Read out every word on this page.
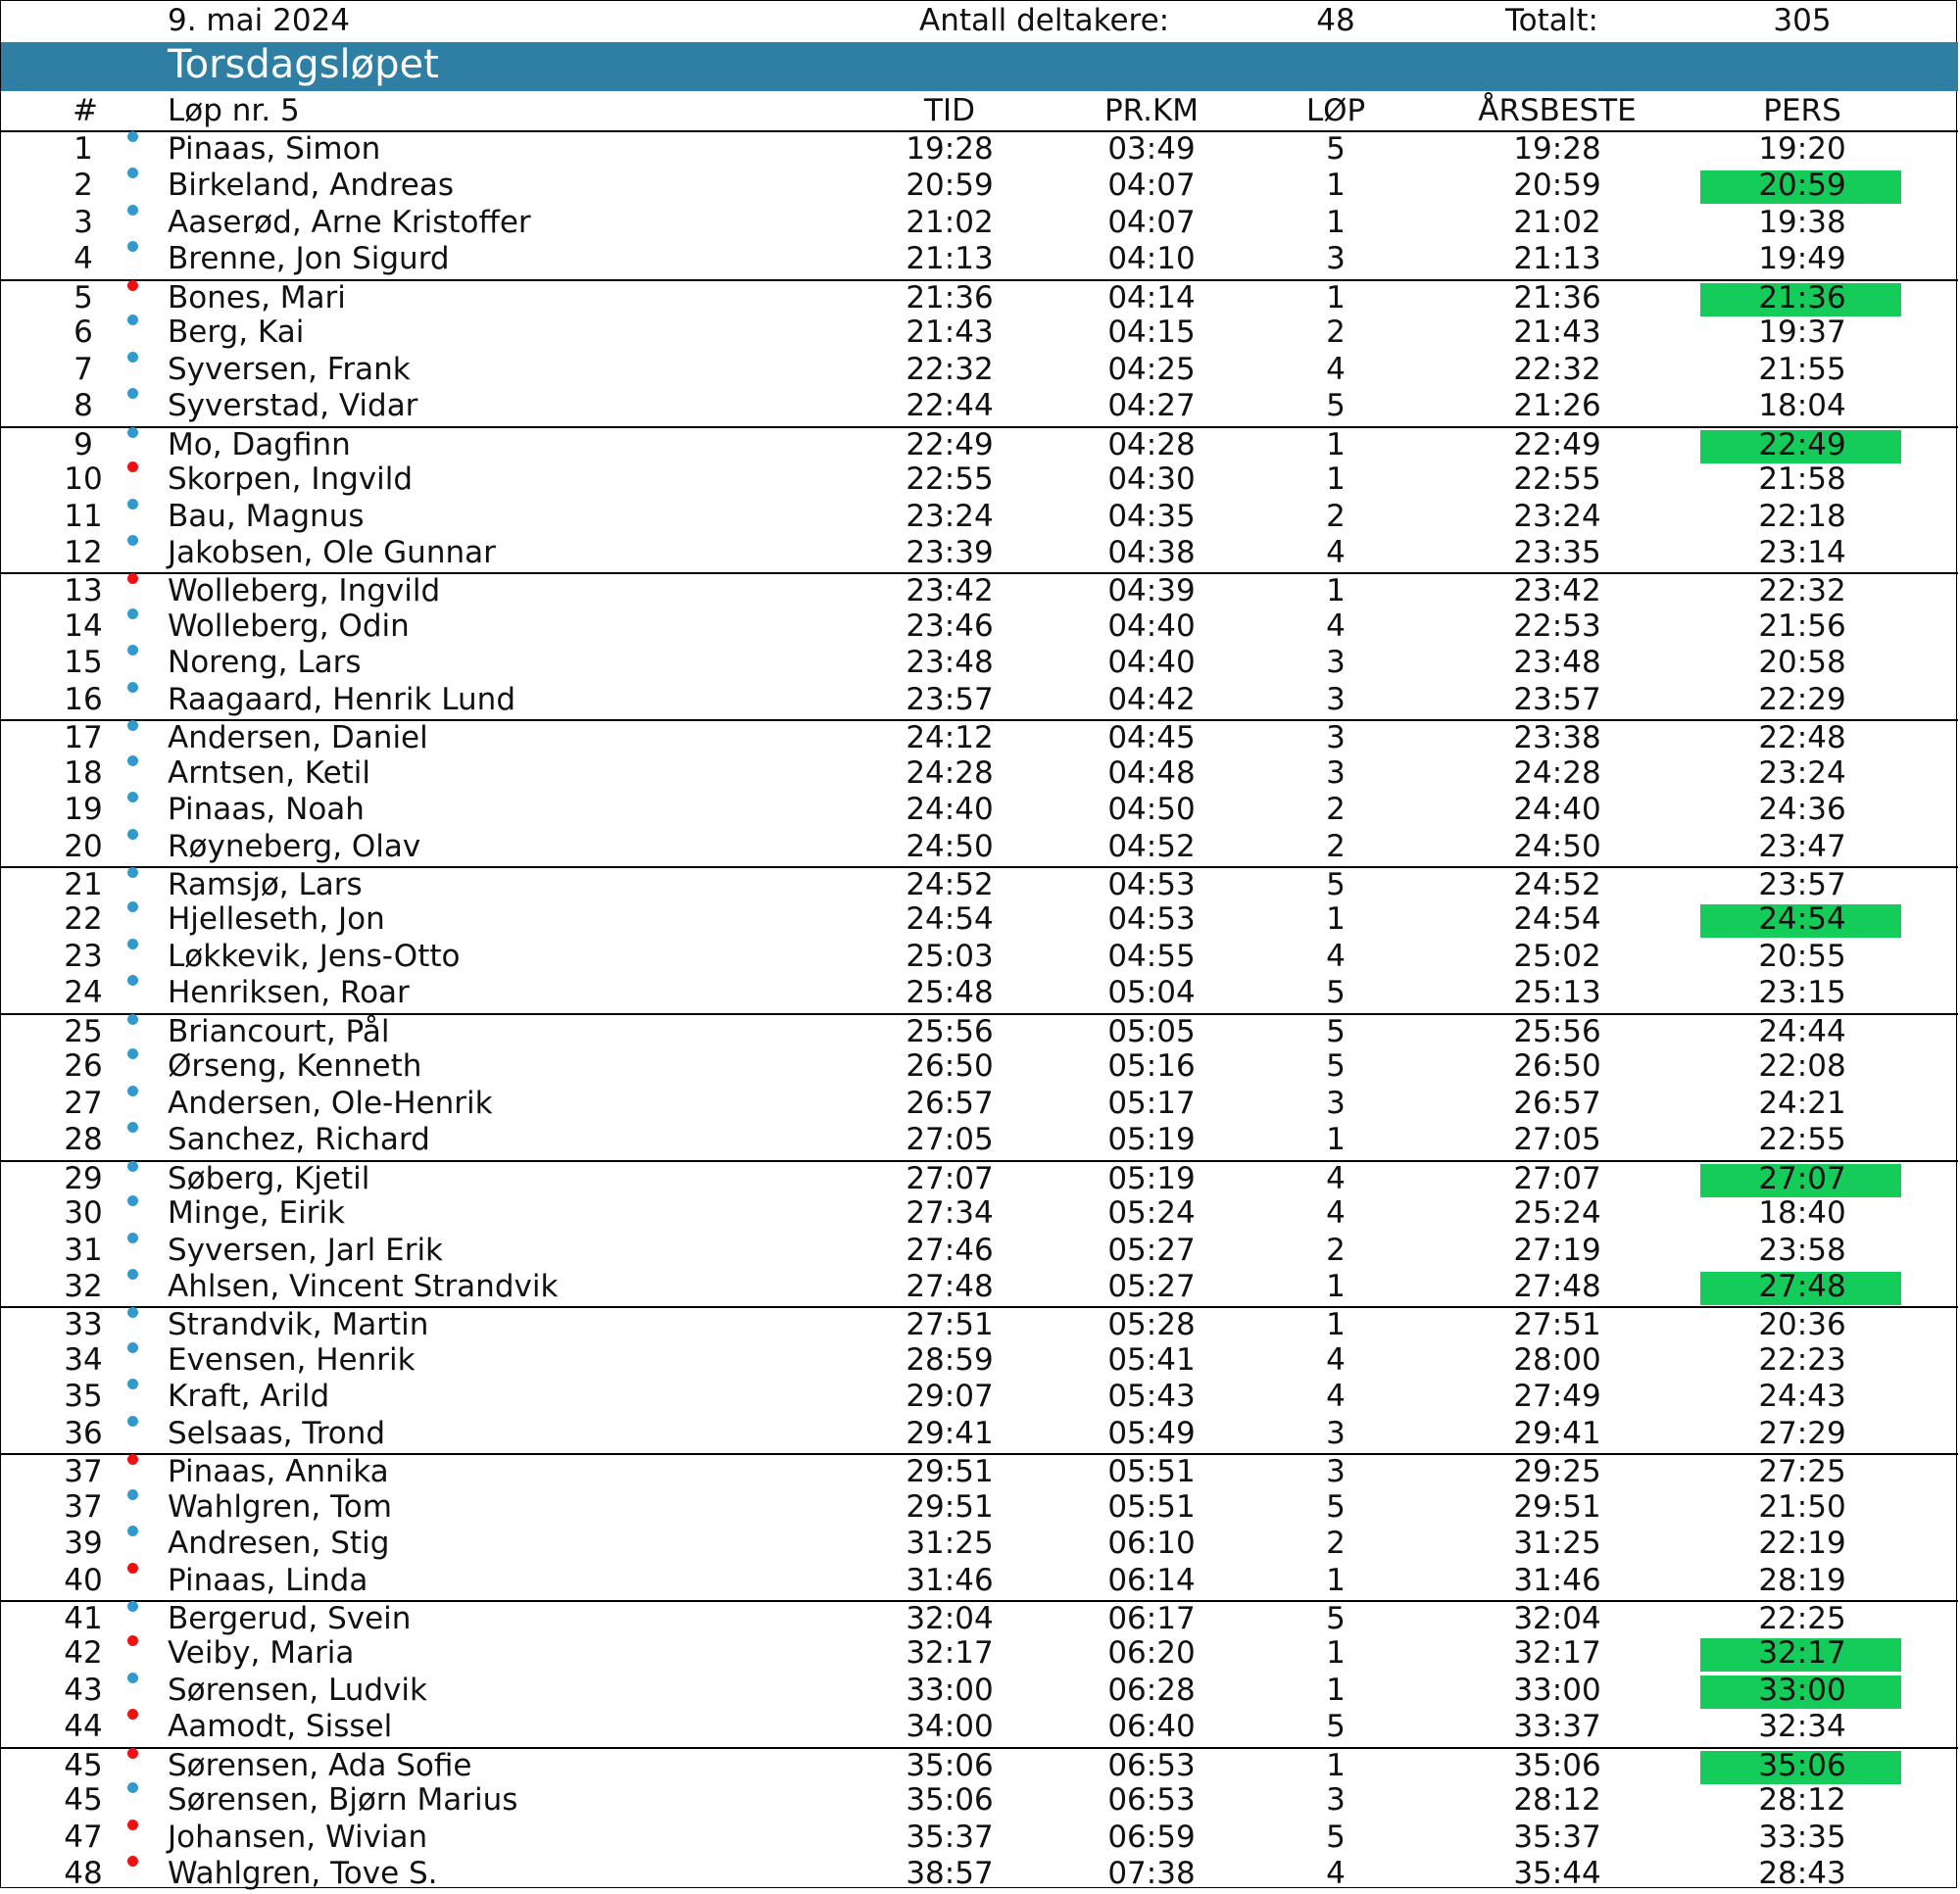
9. mai 2024	Antall deltakere:	48	Totalt:	305
Torsdagsløpet
# Løp nr. 5	TID	PR.KM	LØP	ÅRSBESTE	PERS
1 Pinaas, Simon	19:28	03:49	5	19:28	19:20
2 Birkeland, Andreas	20:59	04:07	1	20:59	20:59
3 Aaserød, Arne Kristoffer	21:02	04:07	1	21:02	19:38
4 Brenne, Jon Sigurd	21:13	04:10	3	21:13	19:49
5 Bones, Mari	21:36	04:14	1	21:36	21:36
6 Berg, Kai	21:43	04:15	2	21:43	19:37
7 Syversen, Frank	22:32	04:25	4	22:32	21:55
8 Syverstad, Vidar	22:44	04:27	5	21:26	18:04
9 Mo, Dagfinn	22:49	04:28	1	22:49	22:49
10 Skorpen, Ingvild	22:55	04:30	1	22:55	21:58
11 Bau, Magnus	23:24	04:35	2	23:24	22:18
12 Jakobsen, Ole Gunnar	23:39	04:38	4	23:35	23:14
13 Wolleberg, Ingvild	23:42	04:39	1	23:42	22:32
14 Wolleberg, Odin	23:46	04:40	4	22:53	21:56
15 Noreng, Lars	23:48	04:40	3	23:48	20:58
16 Raagaard, Henrik Lund	23:57	04:42	3	23:57	22:29
17 Andersen, Daniel	24:12	04:45	3	23:38	22:48
18 Arntsen, Ketil	24:28	04:48	3	24:28	23:24
19 Pinaas, Noah	24:40	04:50	2	24:40	24:36
20 Røyneberg, Olav	24:50	04:52	2	24:50	23:47
21 Ramsjø, Lars	24:52	04:53	5	24:52	23:57
22 Hjelleseth, Jon	24:54	04:53	1	24:54	24:54
23 Løkkevik, Jens-Otto	25:03	04:55	4	25:02	20:55
24 Henriksen, Roar	25:48	05:04	5	25:13	23:15
25 Briancourt, Pål	25:56	05:05	5	25:56	24:44
26 Ørseng, Kenneth	26:50	05:16	5	26:50	22:08
27 Andersen, Ole-Henrik	26:57	05:17	3	26:57	24:21
28 Sanchez, Richard	27:05	05:19	1	27:05	22:55
29 Søberg, Kjetil	27:07	05:19	4	27:07	27:07
30 Minge, Eirik	27:34	05:24	4	25:24	18:40
31 Syversen, Jarl Erik	27:46	05:27	2	27:19	23:58
32 Ahlsen, Vincent Strandvik	27:48	05:27	1	27:48	27:48
33 Strandvik, Martin	27:51	05:28	1	27:51	20:36
34 Evensen, Henrik	28:59	05:41	4	28:00	22:23
35 Kraft, Arild	29:07	05:43	4	27:49	24:43
36 Selsaas, Trond	29:41	05:49	3	29:41	27:29
37 Pinaas, Annika	29:51	05:51	3	29:25	27:25
37 Wahlgren, Tom	29:51	05:51	5	29:51	21:50
39 Andresen, Stig	31:25	06:10	2	31:25	22:19
40 Pinaas, Linda	31:46	06:14	1	31:46	28:19
41 Bergerud, Svein	32:04	06:17	5	32:04	22:25
42 Veiby, Maria	32:17	06:20	1	32:17	32:17
43 Sørensen, Ludvik	33:00	06:28	1	33:00	33:00
44 Aamodt, Sissel	34:00	06:40	5	33:37	32:34
45 Sørensen, Ada Sofie	35:06	06:53	1	35:06	35:06
45 Sørensen, Bjørn Marius	35:06	06:53	3	28:12	28:12
47 Johansen, Wivian	35:37	06:59	5	35:37	33:35
48 Wahlgren, Tove S.	38:57	07:38	4	35:44	28:43
